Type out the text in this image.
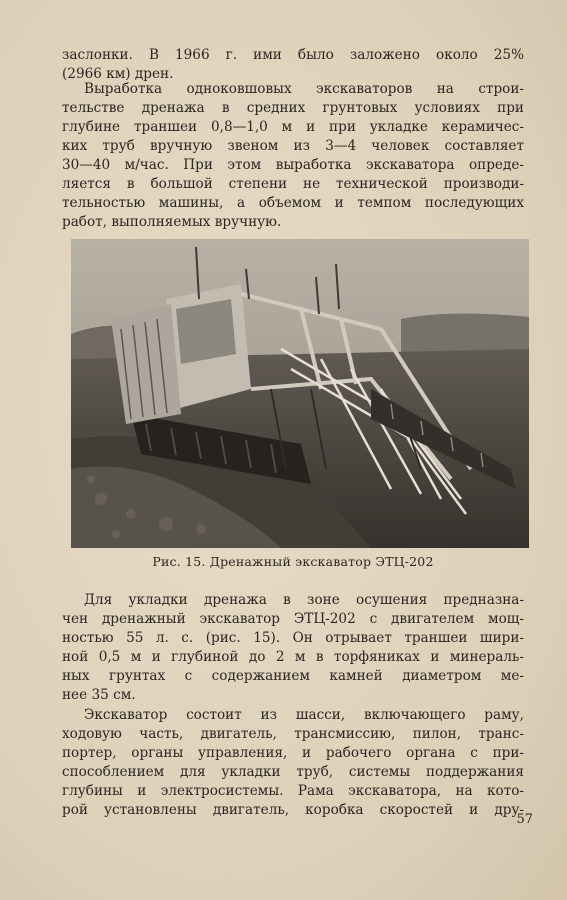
заслонки. В 1966 г. ими было заложено около 25%
(2966 км) дрен.
Выработка одноковшовых экскаваторов на строи-
тельстве дренажа в средних грунтовых условиях при
глубине траншеи 0,8—1,0 м и при укладке керамичес-
ких труб вручную звеном из 3—4 человек составляет
30—40 м/час. При этом выработка экскаватора опреде-
ляется в большой степени не технической производи-
тельностью машины, а объемом и темпом последующих
работ, выполняемых вручную.
Рис. 15. Дренажный экскаватор ЭТЦ-202
Для укладки дренажа в зоне осушения предназна-
чен дренажный экскаватор ЭТЦ-202 с двигателем мощ-
ностью 55 л. с. (рис. 15). Он отрывает траншеи шири-
ной 0,5 м и глубиной до 2 м в торфяниках и минераль-
ных грунтах с содержанием камней диаметром ме-
нее 35 см.
Экскаватор состоит из шасси, включающего раму,
ходовую часть, двигатель, трансмиссию, пилон, транс-
портер, органы управления, и рабочего органа с при-
способлением для укладки труб, системы поддержания
глубины и электросистемы. Рама экскаватора, на кото-
рой установлены двигатель, коробка скоростей и дру-
57
